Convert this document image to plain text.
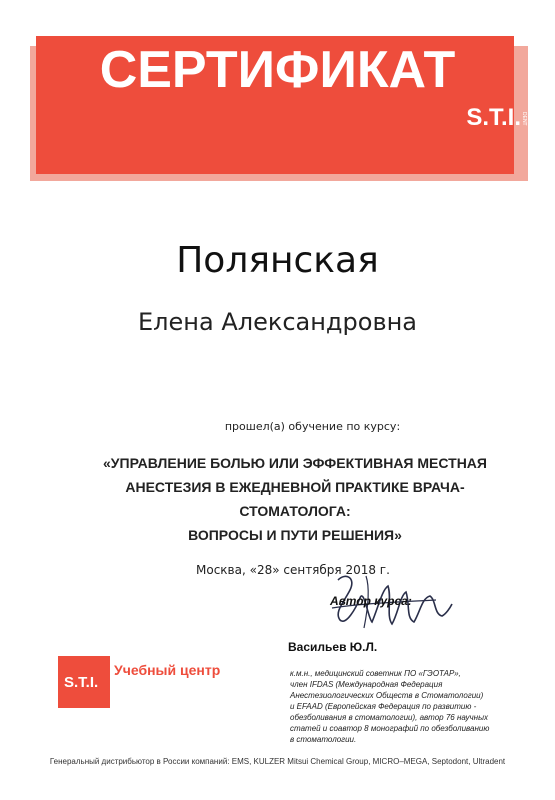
СЕРТИФИКАТ
S.T.I.DENT
Полянская
Елена Александровна
прошел(а) обучение по курсу:
«УПРАВЛЕНИЕ БОЛЬЮ ИЛИ ЭФФЕКТИВНАЯ МЕСТНАЯ
АНЕСТЕЗИЯ В ЕЖЕДНЕВНОЙ ПРАКТИКЕ ВРАЧА-СТОМАТОЛОГА:
ВОПРОСЫ И ПУТИ РЕШЕНИЯ»
Москва, «28» сентября 2018 г.
Автор курса:
Васильев Ю.Л.
к.м.н., медицинский советник ПО «ГЭОТАР»,
член IFDAS (Международная Федерация
Анестезиологических Обществ в Стоматологии)
и EFAAD (Европейская Федерация по развитию -
обезболивания в стоматологии), автор 76 научных
статей и соавтор 8 монографий по обезболиванию
в стоматологии.
S.T.I.
Учебный центр
Генеральный дистрибьютор в России компаний: EMS, KULZER Mitsui Chemical Group, MICRO–MEGA, Septodont, Ultradent
